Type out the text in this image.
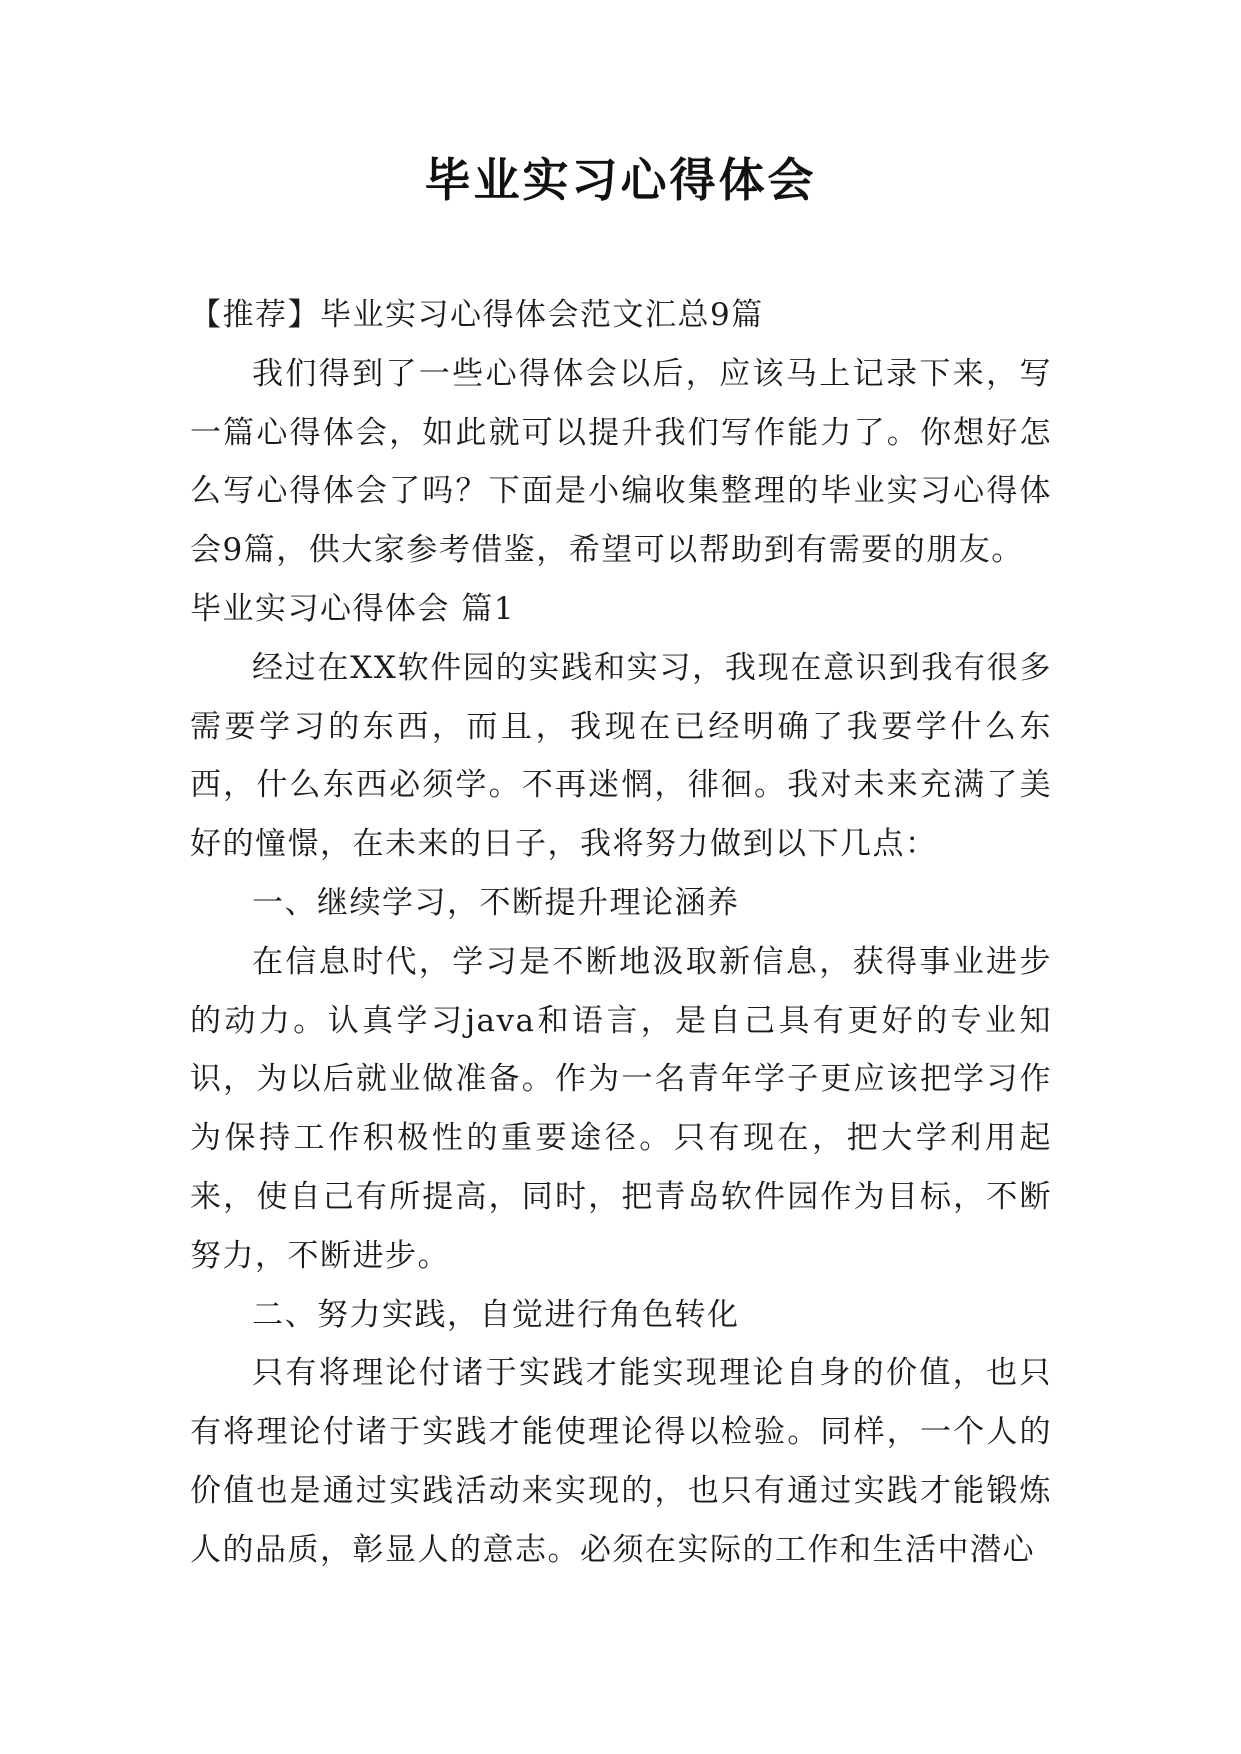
毕业实习心得体会

【推荐】毕业实习心得体会范文汇总9篇

我们得到了一些心得体会以后，应该马上记录下来，写一篇心得体会，如此就可以提升我们写作能力了。你想好怎么写心得体会了吗？下面是小编收集整理的毕业实习心得体会9篇，供大家参考借鉴，希望可以帮助到有需要的朋友。

毕业实习心得体会 篇1

经过在XX软件园的实践和实习，我现在意识到我有很多需要学习的东西，而且，我现在已经明确了我要学什么东西，什么东西必须学。不再迷惘，徘徊。我对未来充满了美好的憧憬，在未来的日子，我将努力做到以下几点：

一、继续学习，不断提升理论涵养

在信息时代，学习是不断地汲取新信息，获得事业进步的动力。认真学习java和语言，是自己具有更好的专业知识，为以后就业做准备。作为一名青年学子更应该把学习作为保持工作积极性的重要途径。只有现在，把大学利用起来，使自己有所提高，同时，把青岛软件园作为目标，不断努力，不断进步。

二、努力实践，自觉进行角色转化

只有将理论付诸于实践才能实现理论自身的价值，也只有将理论付诸于实践才能使理论得以检验。同样，一个人的价值也是通过实践活动来实现的，也只有通过实践才能锻炼人的品质，彰显人的意志。必须在实际的工作和生活中潜心
